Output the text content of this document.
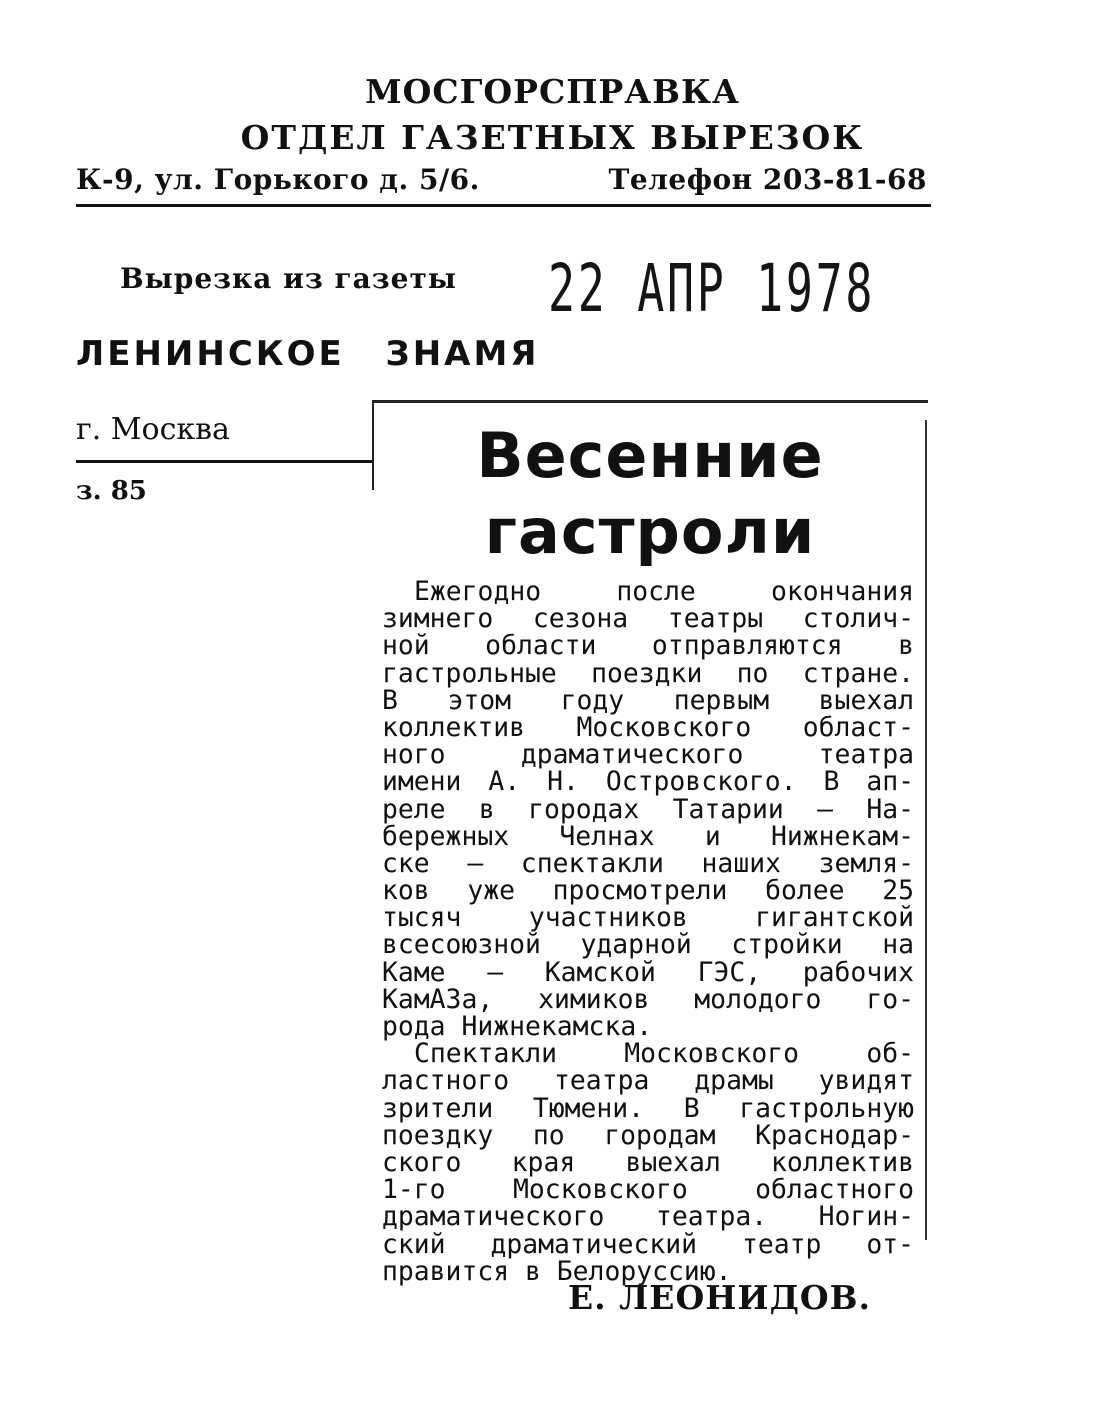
МОСГОРСПРАВКА
ОТДЕЛ ГАЗЕТНЫХ ВЫРЕЗОК
К-9, ул. Горького д. 5/6.	Телефон 203-81-68
Вырезка из газеты 22 АПР 1978
ЛЕНИНСКОЕ ЗНАМЯ
г. Москва
з. 85	Весенние
гастроли
Ежегодно после окончания
зимнего сезона театры столич-
ной области отправляются в
гастрольные поездки по стране.
В этом году первым выехал
коллектив Московского област-
ного драматического театра
имени А. Н. Островского. В ап-
реле в городах Татарии — На-
бережных Челнах и Нижнекам-
ске — спектакли наших земля-
ков уже просмотрели более 25
тысяч участников гигантской
всесоюзной ударной стройки на
Каме — Камской ГЭС, рабочих
КамАЗа, химиков молодого го-
рода Нижнекамска.
Спектакли Московского об-
ластного театра драмы увидят
зрители Тюмени. В гастрольную
поездку по городам Краснодар-
ского края выехал коллектив
1-го Московского областного
драматического театра. Ногин-
ский драматический театр от-
правится в Белоруссию.
Е. ЛЕОНИДОВ.
